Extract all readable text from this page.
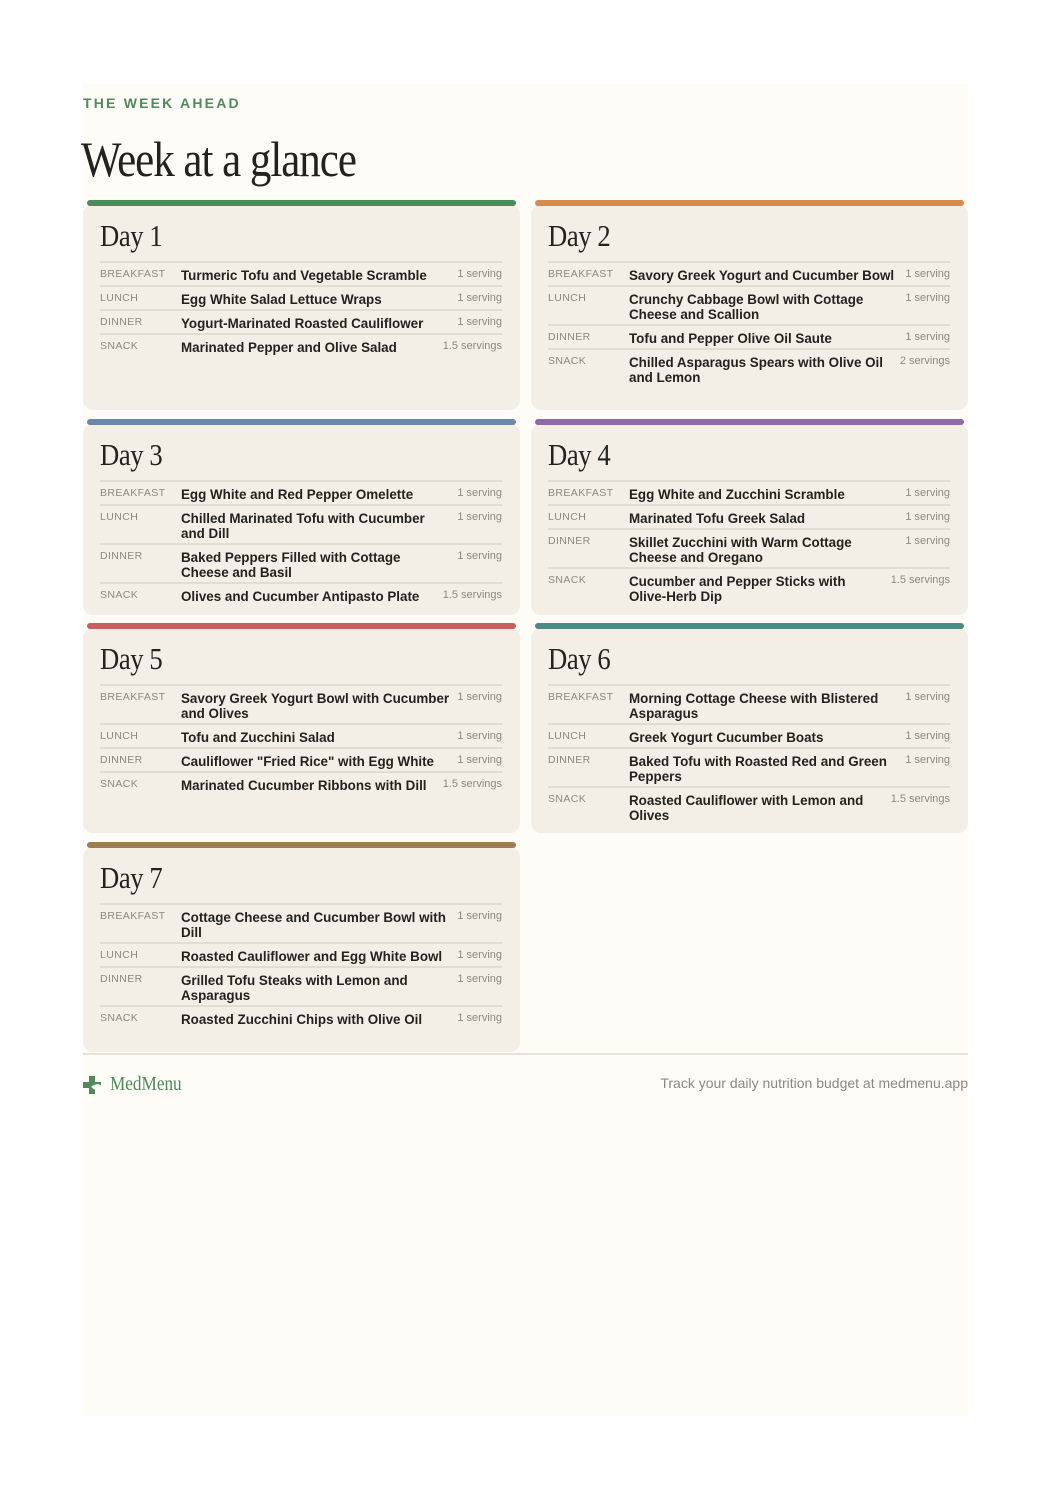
THE WEEK AHEAD
Week at a glance
Day 1
BREAKFAST	Turmeric Tofu and Vegetable Scramble	1 serving
LUNCH	Egg White Salad Lettuce Wraps	1 serving
DINNER	Yogurt-Marinated Roasted Cauliflower	1 serving
SNACK	Marinated Pepper and Olive Salad	1.5 servings
Day 2
BREAKFAST	Savory Greek Yogurt and Cucumber Bowl	1 serving
LUNCH	Crunchy Cabbage Bowl with Cottage Cheese and Scallion
1 serving
DINNER	Tofu and Pepper Olive Oil Saute	1 serving
SNACK	Chilled Asparagus Spears with Olive Oil and Lemon
2 servings
Day 3
BREAKFAST	Egg White and Red Pepper Omelette	1 serving
LUNCH	Chilled Marinated Tofu with Cucumber and Dill
1 serving
DINNER	Baked Peppers Filled with Cottage Cheese and Basil
1 serving
SNACK	Olives and Cucumber Antipasto Plate	1.5 servings
Day 4
BREAKFAST	Egg White and Zucchini Scramble	1 serving
LUNCH	Marinated Tofu Greek Salad	1 serving
DINNER	Skillet Zucchini with Warm Cottage Cheese and Oregano
1 serving
SNACK	Cucumber and Pepper Sticks with Olive-Herb Dip
1.5 servings
Day 5
BREAKFAST	Savory Greek Yogurt Bowl with Cucumber and Olives
1 serving
LUNCH	Tofu and Zucchini Salad	1 serving
DINNER	Cauliflower "Fried Rice" with Egg White	1 serving
SNACK	Marinated Cucumber Ribbons with Dill	1.5 servings
Day 6
BREAKFAST	Morning Cottage Cheese with Blistered Asparagus
1 serving
LUNCH	Greek Yogurt Cucumber Boats	1 serving
DINNER	Baked Tofu with Roasted Red and Green Peppers
1 serving
SNACK	Roasted Cauliflower with Lemon and Olives
1.5 servings
Day 7
BREAKFAST	Cottage Cheese and Cucumber Bowl with Dill
1 serving
LUNCH	Roasted Cauliflower and Egg White Bowl	1 serving
DINNER	Grilled Tofu Steaks with Lemon and Asparagus
1 serving
SNACK	Roasted Zucchini Chips with Olive Oil	1 serving
MedMenu	Track your daily nutrition budget at medmenu.app
